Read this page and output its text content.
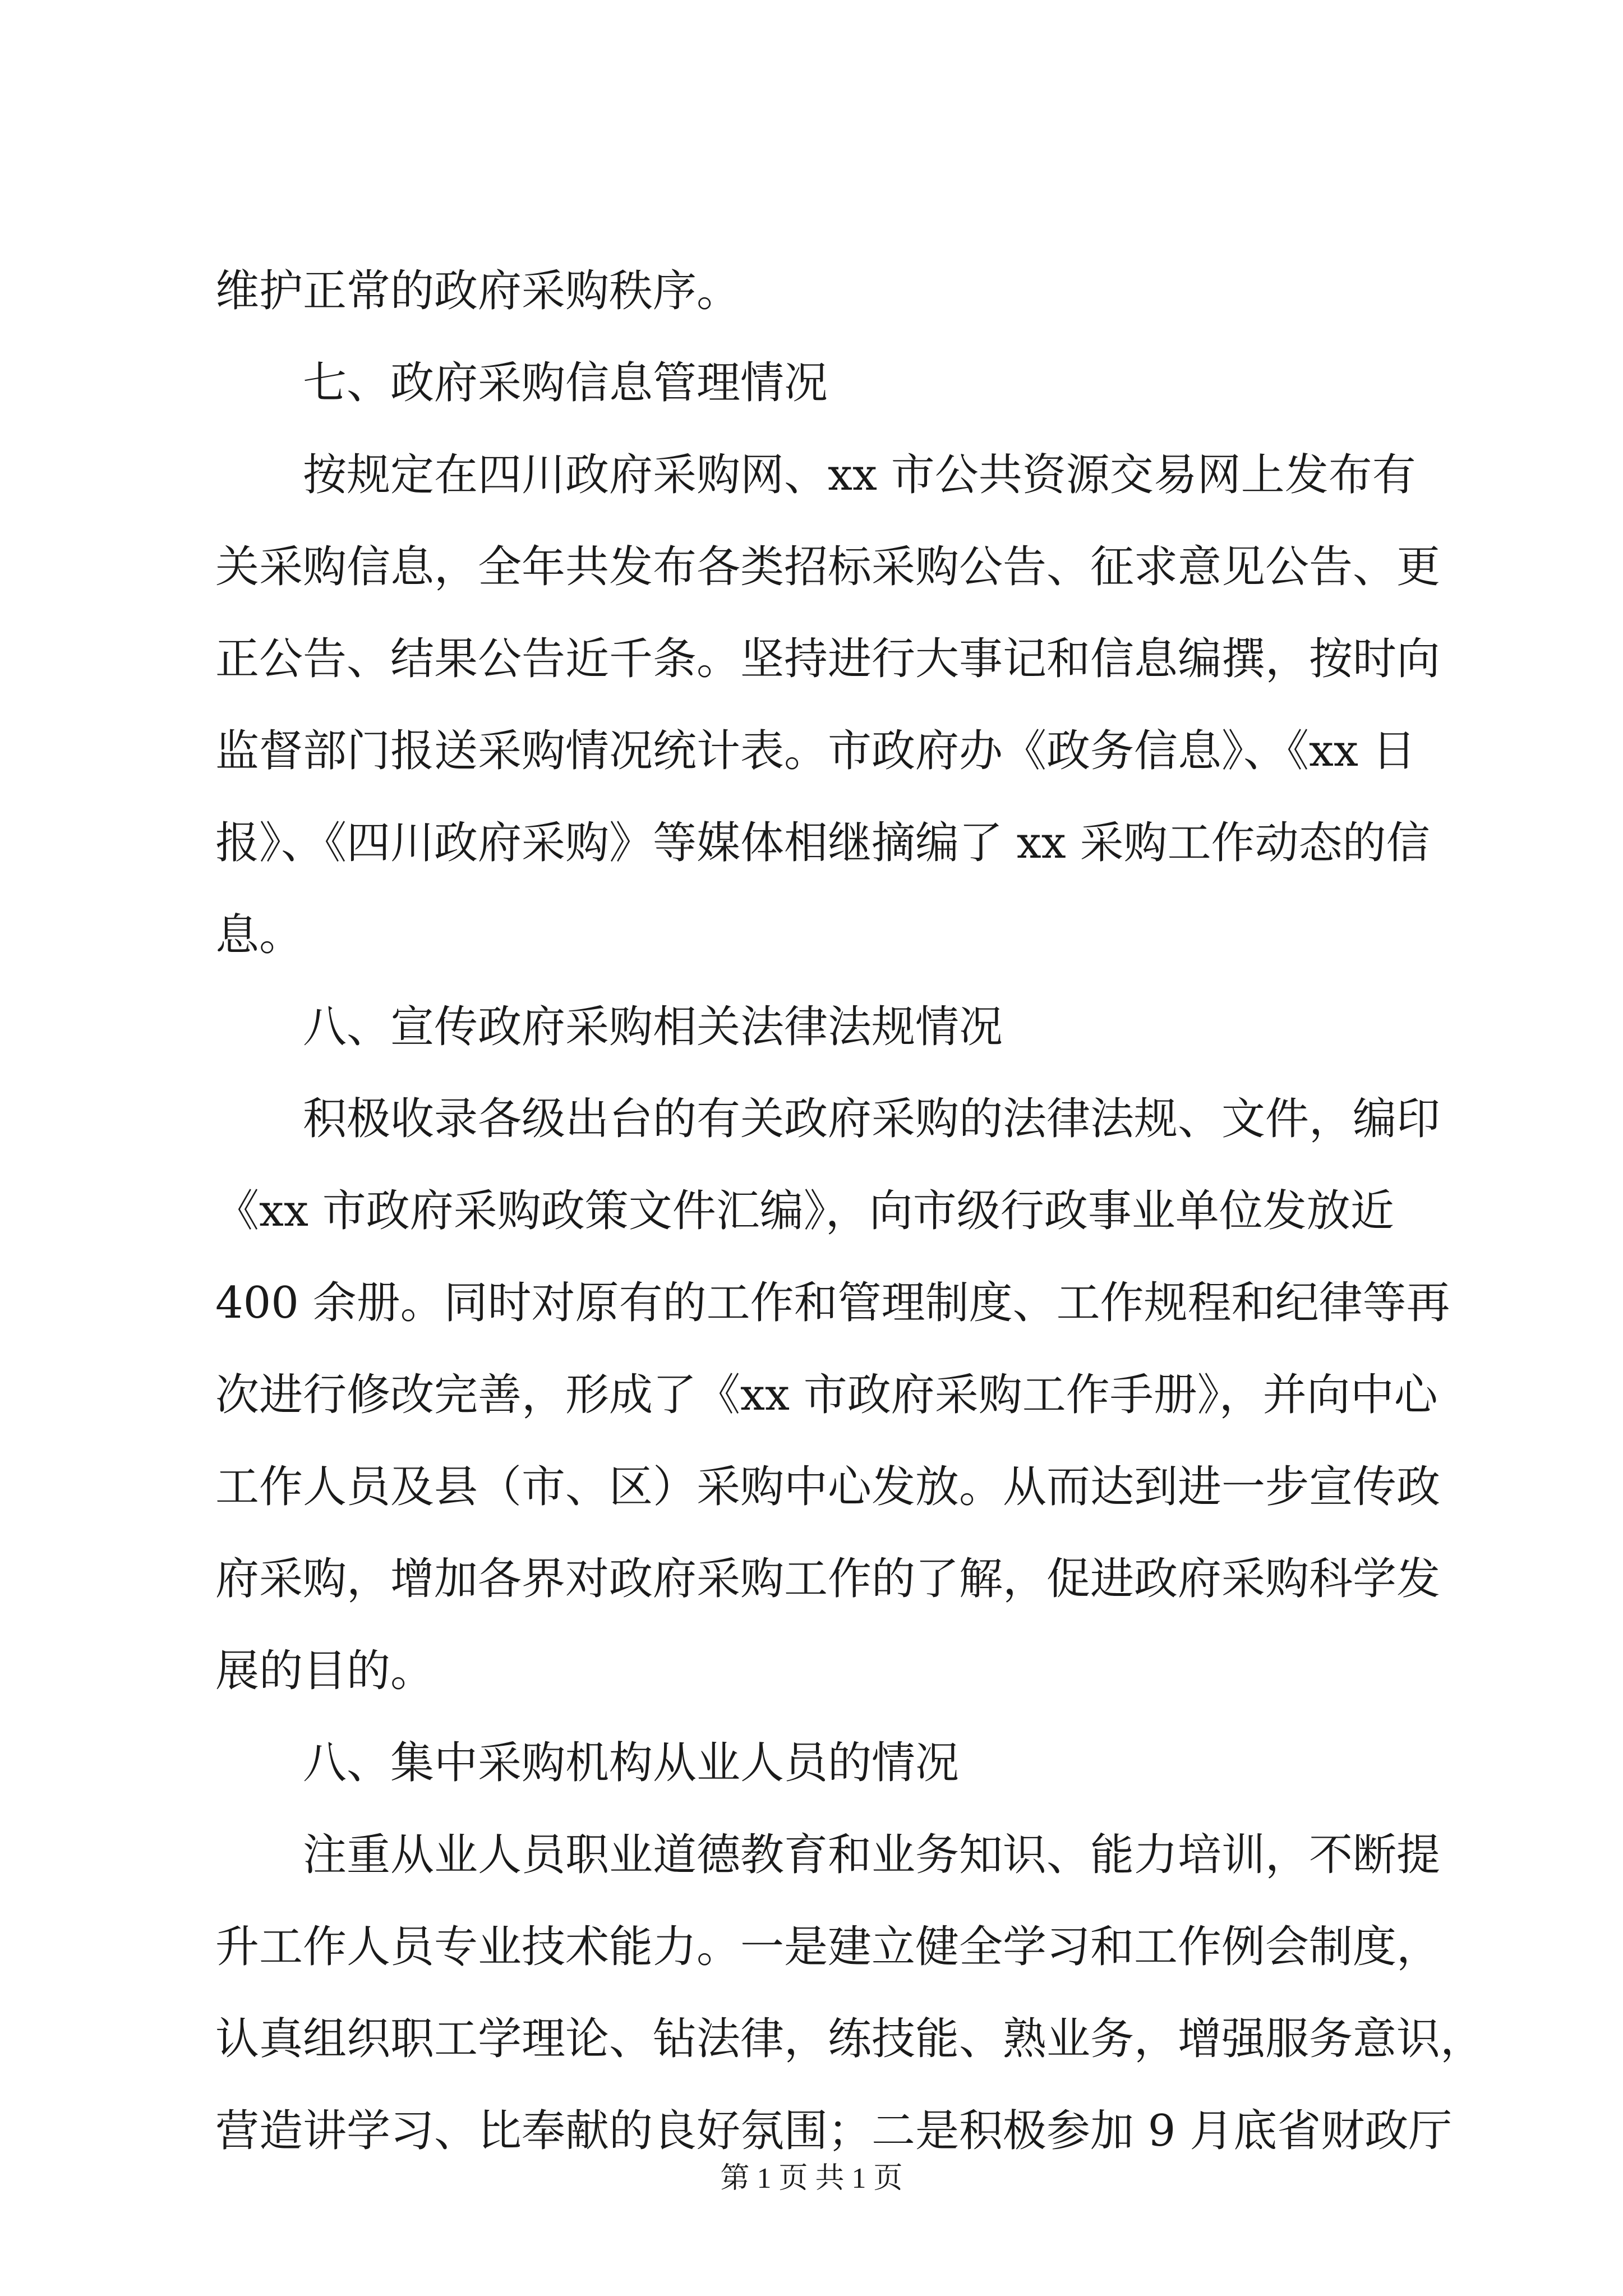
维护正常的政府采购秩序。
七、政府采购信息管理情况
按规定在四川政府采购网、xx 市公共资源交易网上发布有
关采购信息，全年共发布各类招标采购公告、征求意见公告、更
正公告、结果公告近千条。坚持进行大事记和信息编撰，按时向
监督部门报送采购情况统计表。市政府办《政务信息》、《xx 日
报》、《四川政府采购》等媒体相继摘编了 xx 采购工作动态的信
息。
八、宣传政府采购相关法律法规情况
积极收录各级出台的有关政府采购的法律法规、文件，编印
《xx 市政府采购政策文件汇编》，向市级行政事业单位发放近
400 余册。同时对原有的工作和管理制度、工作规程和纪律等再
次进行修改完善，形成了《xx 市政府采购工作手册》，并向中心
工作人员及县（市、区）采购中心发放。从而达到进一步宣传政
府采购，增加各界对政府采购工作的了解，促进政府采购科学发
展的目的。
八、集中采购机构从业人员的情况
注重从业人员职业道德教育和业务知识、能力培训，不断提
升工作人员专业技术能力。一是建立健全学习和工作例会制度，
认真组织职工学理论、钻法律，练技能、熟业务，增强服务意识，
营造讲学习、比奉献的良好氛围；二是积极参加 9 月底省财政厅
第 1 页 共 1 页
